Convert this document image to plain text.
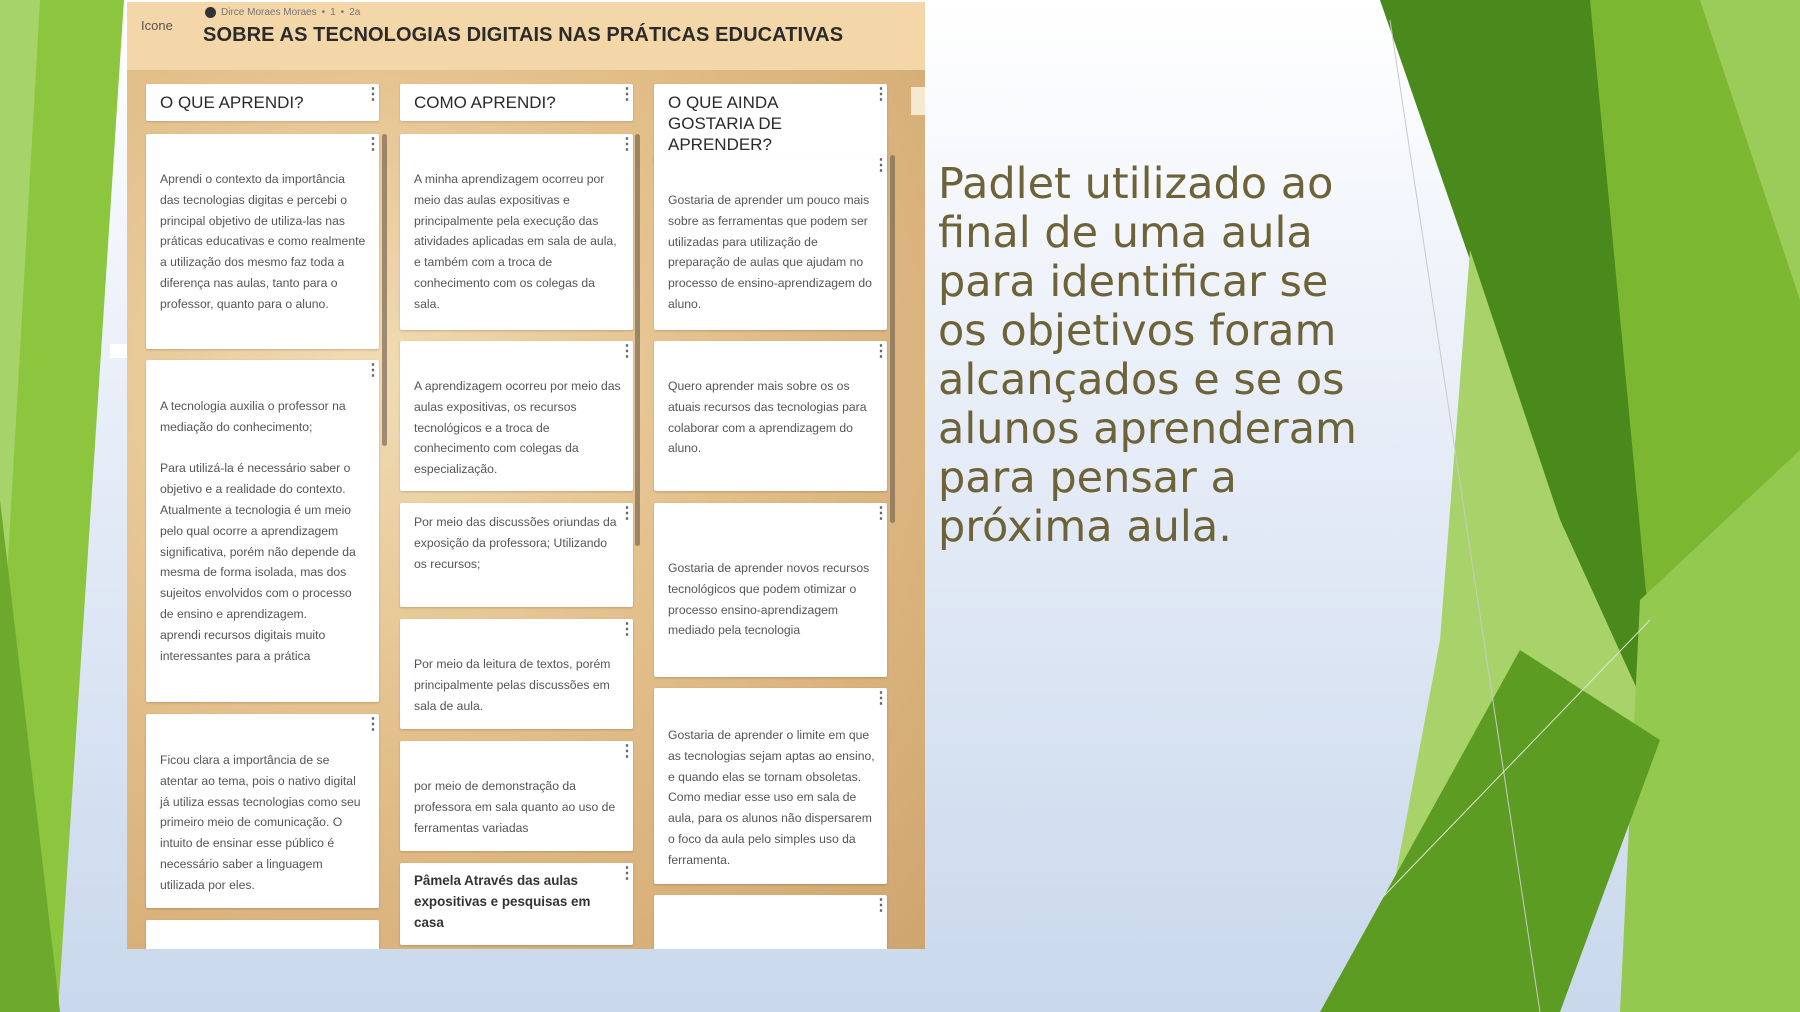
Icone
Dirce Moraes Moraes • 1 • 2a
SOBRE AS TECNOLOGIAS DIGITAIS NAS PRÁTICAS EDUCATIVAS
O QUE APRENDI?	⋮
⋮
Aprendi o contexto da importância das tecnologias digitas e percebi o principal objetivo de utiliza-las nas práticas educativas e como realmente a utilização dos mesmo faz toda a diferença nas aulas, tanto para o professor, quanto para o aluno.
⋮
A tecnologia auxilia o professor na mediação do conhecimento;

Para utilizá-la é necessário saber o objetivo e a realidade do contexto. Atualmente a tecnologia é um meio pelo qual ocorre a aprendizagem significativa, porém não depende da mesma de forma isolada, mas dos sujeitos envolvidos com o processo de ensino e aprendizagem.
aprendi recursos digitais muito interessantes para a prática
⋮
Ficou clara a importância de se atentar ao tema, pois o nativo digital já utiliza essas tecnologias como seu primeiro meio de comunicação. O intuito de ensinar esse público é necessário saber a linguagem utilizada por eles.
COMO APRENDI?	⋮
⋮
A minha aprendizagem ocorreu por meio das aulas expositivas e principalmente pela execução das atividades aplicadas em sala de aula, e também com a troca de conhecimento com os colegas da sala.
⋮
A aprendizagem ocorreu por meio das aulas expositivas, os recursos tecnológicos e a troca de conhecimento com colegas da especialização.
⋮
Por meio das discussões oriundas da exposição da professora; Utilizando os recursos;
⋮
Por meio da leitura de textos, porém principalmente pelas discussões em sala de aula.
⋮
por meio de demonstração da professora em sala quanto ao uso de ferramentas variadas
⋮
Pâmela Através das aulas expositivas e pesquisas em casa
O QUE AINDA GOSTARIA DE APRENDER?
⋮
⋮
Gostaria de aprender um pouco mais sobre as ferramentas que podem ser utilizadas para utilização de preparação de aulas que ajudam no processo de ensino-aprendizagem do aluno.
⋮
Quero aprender mais sobre os os atuais recursos das tecnologias para colaborar com a aprendizagem do aluno.
⋮
Gostaria de aprender novos recursos tecnológicos que podem otimizar o processo ensino-aprendizagem mediado pela tecnologia
⋮
Gostaria de aprender o limite em que as tecnologias sejam aptas ao ensino, e quando elas se tornam obsoletas. Como mediar esse uso em sala de aula, para os alunos não dispersarem o foco da aula pelo simples uso da ferramenta.
⋮
Padlet utilizado ao final de uma aula para identificar se os objetivos foram alcançados e se os alunos aprenderam para pensar a próxima aula.
